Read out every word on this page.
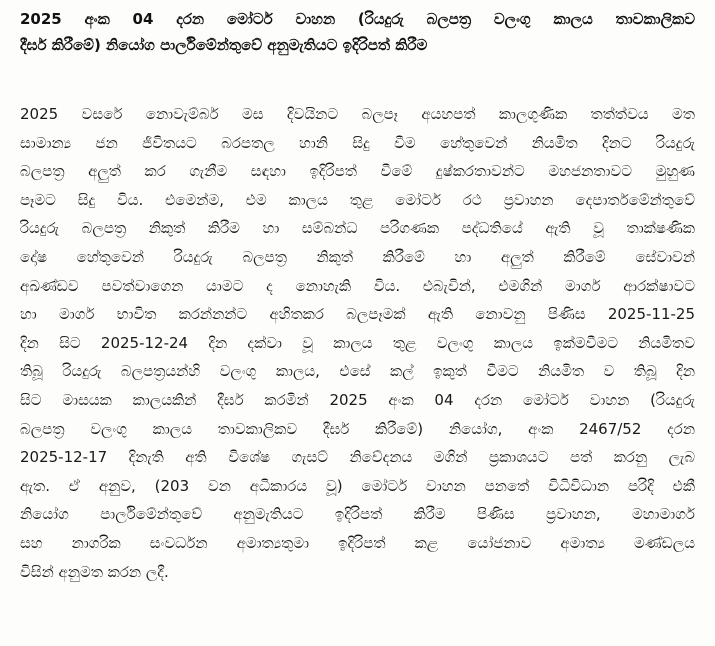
2025 අංක 04 දරන මෝටර් වාහන (රියදුරු බලපත්‍ර වලංගු කාලය තාවකාලිකව
දීර්ඝ කිරීමේ) නියෝග පාර්ලිමේන්තුවේ අනුමැතියට ඉදිරිපත් කිරීම
2025 වසරේ නොවැම්බර් මස දිවයිනට බලපෑ අයහපත් කාලගුණික තත්ත්වය මත
සාමාන්‍ය ජන ජීවිතයට බරපතල හානි සිදු වීම හේතුවෙන් නියමිත දිනට රියදුරු
බලපත්‍ර අලුත් කර ගැනීම සඳහා ඉදිරිපත් වීමේ දුෂ්කරතාවන්ට මහජනතාවට මුහුණ
පෑමට සිදු විය. එමෙන්ම, එම කාලය තුළ මෝටර් රථ ප්‍රවාහන දෙපාර්තමේන්තුවේ
රියදුරු බලපත්‍ර නිකුත් කිරීම හා සම්බන්ධ පරිගණක පද්ධතියේ ඇති වූ තාක්ෂණික
දෝෂ හේතුවෙන් රියදුරු බලපත්‍ර නිකුත් කිරීමේ හා අලුත් කිරීමේ සේවාවන්
අඛණ්ඩව පවත්වාගෙන යාමට ද නොහැකි විය. එබැවින්, එමගින් මාර්ග ආරක්ෂාවට
හා මාර්ග භාවිත කරන්නන්ට අහිතකර බලපෑමක් ඇති නොවනු පිණිස 2025-11-25
දින සිට 2025-12-24 දින දක්වා වූ කාලය තුළ වලංගු කාලය ඉක්මවීමට නියමිතව
තිබූ රියදුරු බලපත්‍රයන්හි වලංගු කාලය, එසේ කල් ඉකුත් වීමට නියමිත ව තිබූ දින
සිට මාසයක කාලයකින් දීර්ඝ කරමින් 2025 අංක 04 දරන මෝටර් වාහන (රියදුරු
බලපත්‍ර වලංගු කාලය තාවකාලිකව දීර්ඝ කිරීමේ) නියෝග, අංක 2467/52 දරන
2025-12-17 දිනැති අති විශේෂ ගැසට් නිවේදනය මගින් ප්‍රකාශයට පත් කරනු ලැබ
ඇත. ඒ අනුව, (203 වන අධිකාරය වූ) මෝටර් වාහන පනතේ විධිවිධාන පරිදි එකී
නියෝග පාර්ලිමේන්තුවේ අනුමැතියට ඉදිරිපත් කිරීම පිණිස ප්‍රවාහන, මහාමාර්ග
සහ නාගරික සංවර්ධන අමාත්‍යතුමා ඉදිරිපත් කළ යෝජනාව අමාත්‍ය මණ්ඩලය
විසින් අනුමත කරන ලදී.
